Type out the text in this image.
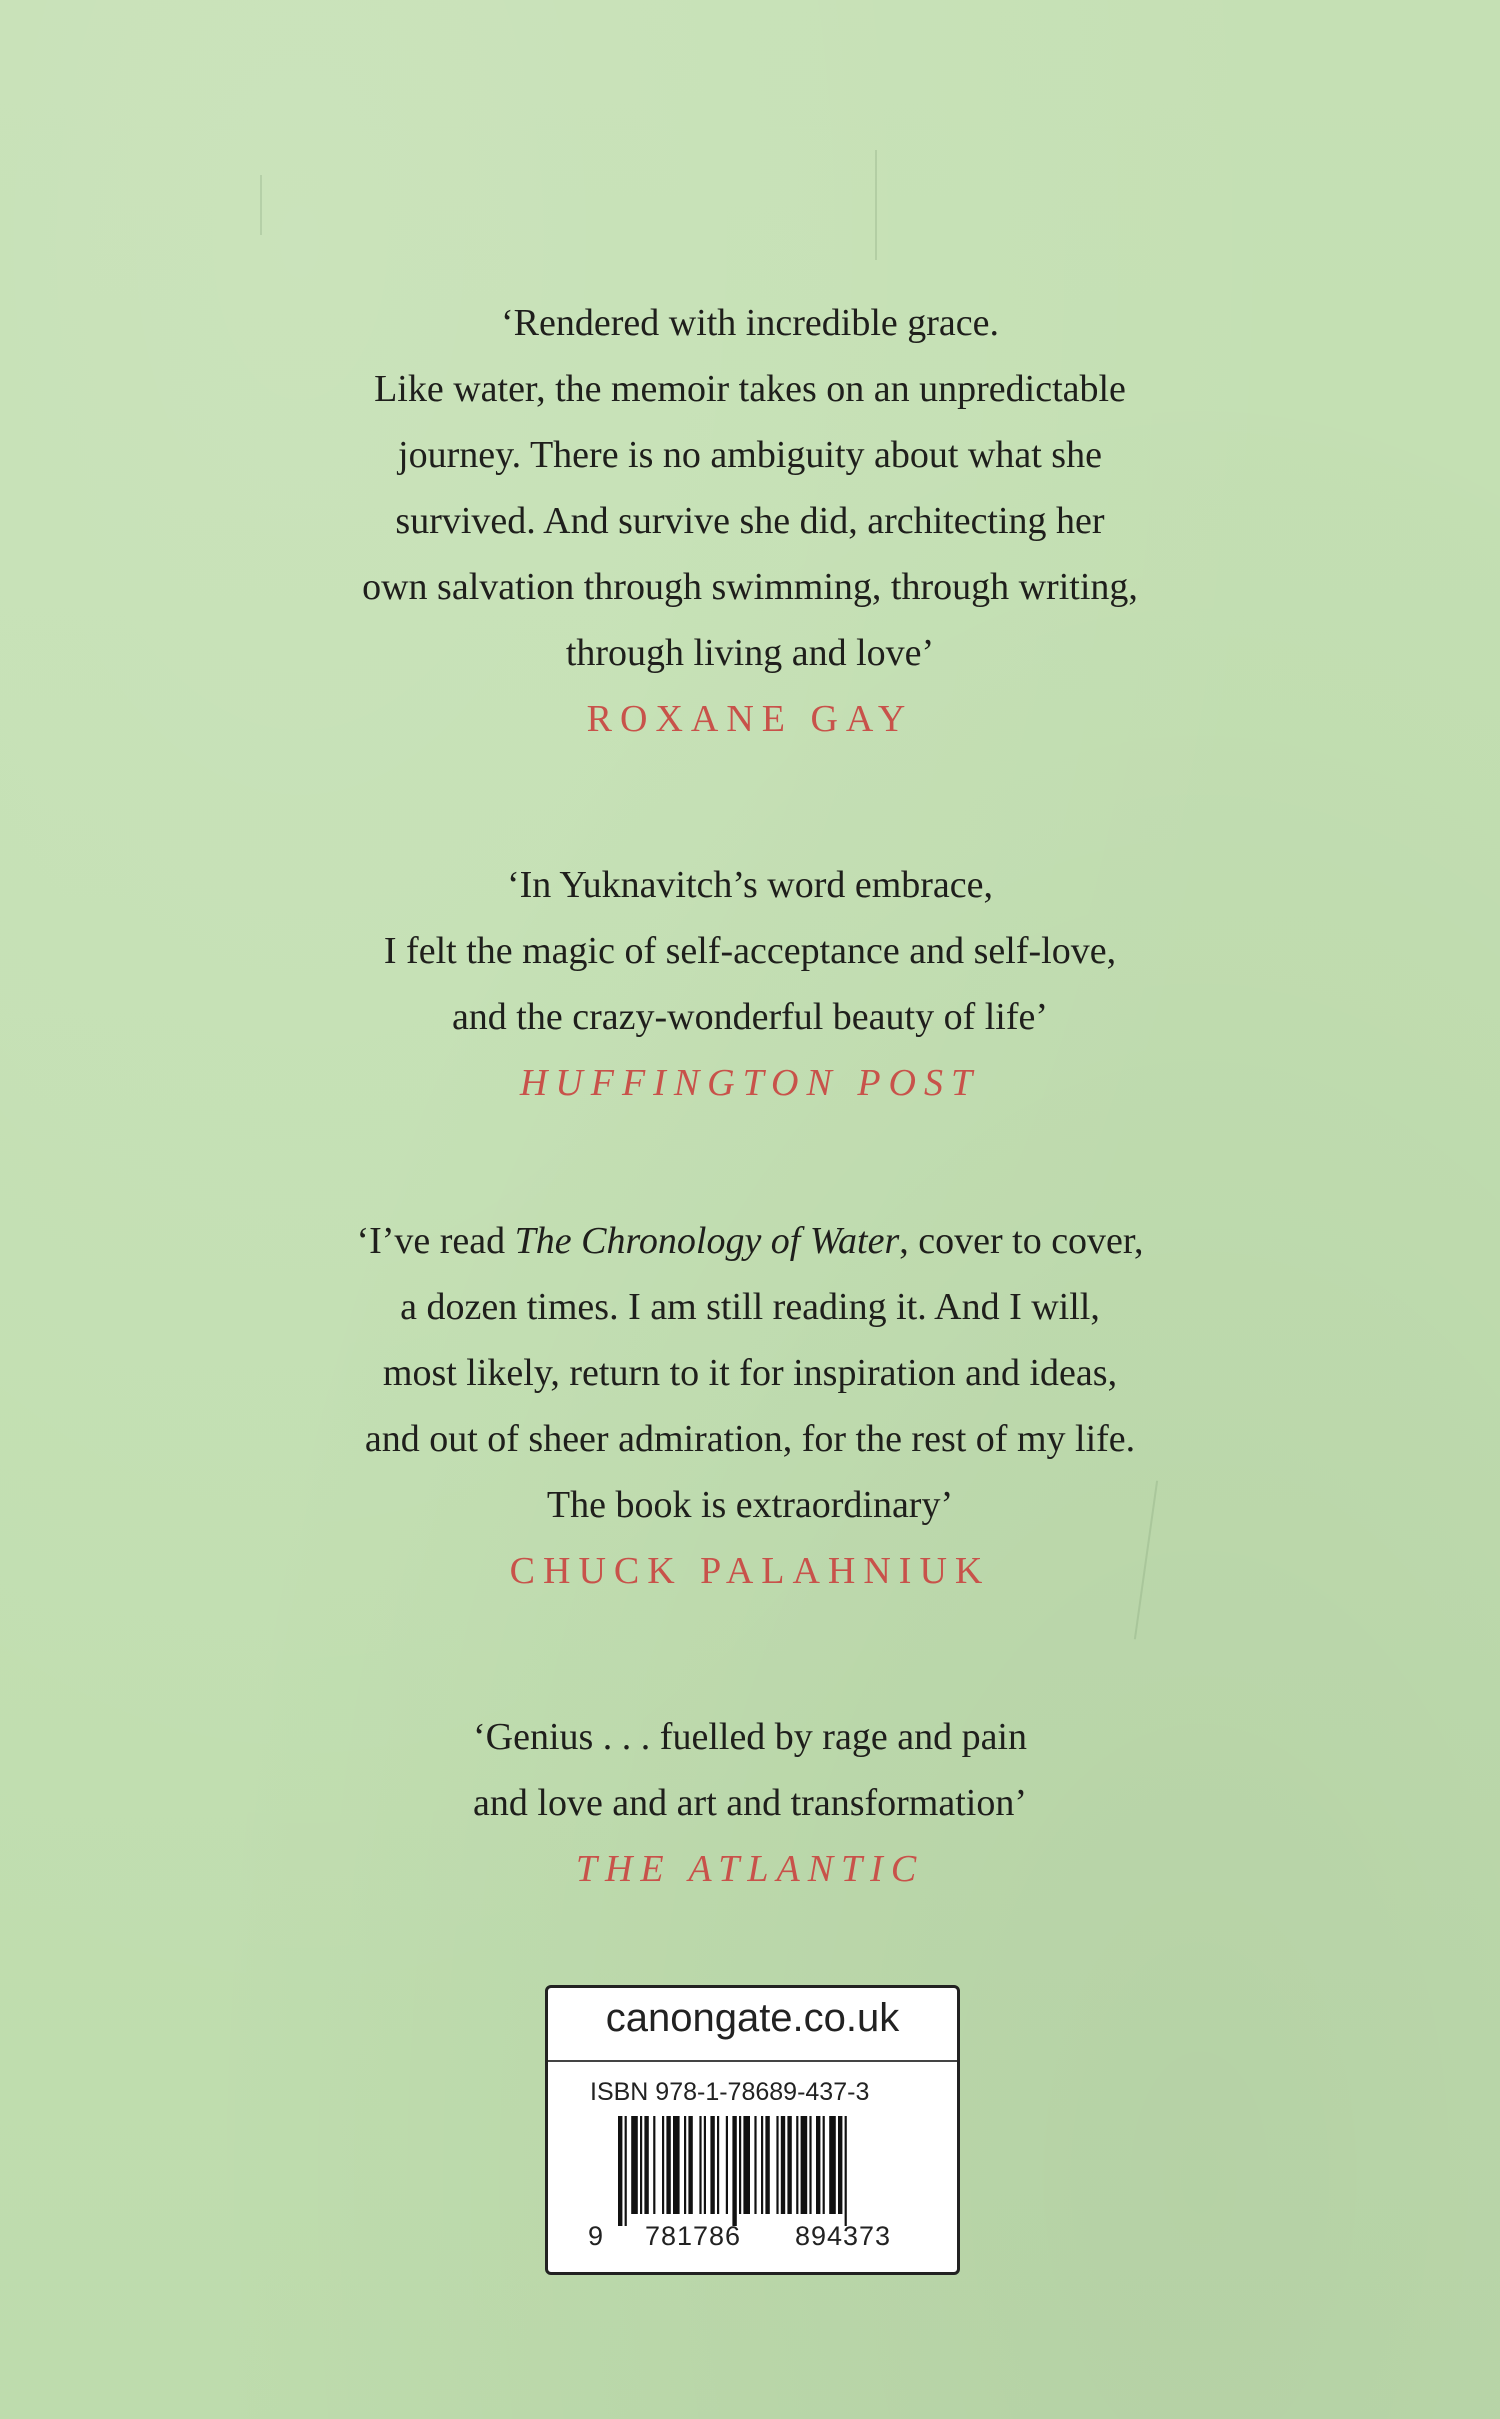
‘Rendered with incredible grace.
Like water, the memoir takes on an unpredictable
journey. There is no ambiguity about what she
survived. And survive she did, architecting her
own salvation through swimming, through writing,
through living and love’
ROXANE GAY
‘In Yuknavitch’s word embrace,
I felt the magic of self-acceptance and self-love,
and the crazy-wonderful beauty of life’
HUFFINGTON POST
‘I’ve read The Chronology of Water, cover to cover,
a dozen times. I am still reading it. And I will,
most likely, return to it for inspiration and ideas,
and out of sheer admiration, for the rest of my life.
The book is extraordinary’
CHUCK PALAHNIUK
‘Genius . . . fuelled by rage and pain
and love and art and transformation’
THE ATLANTIC
canongate.co.uk
ISBN 978-1-78689-437-3
9	781786	894373
